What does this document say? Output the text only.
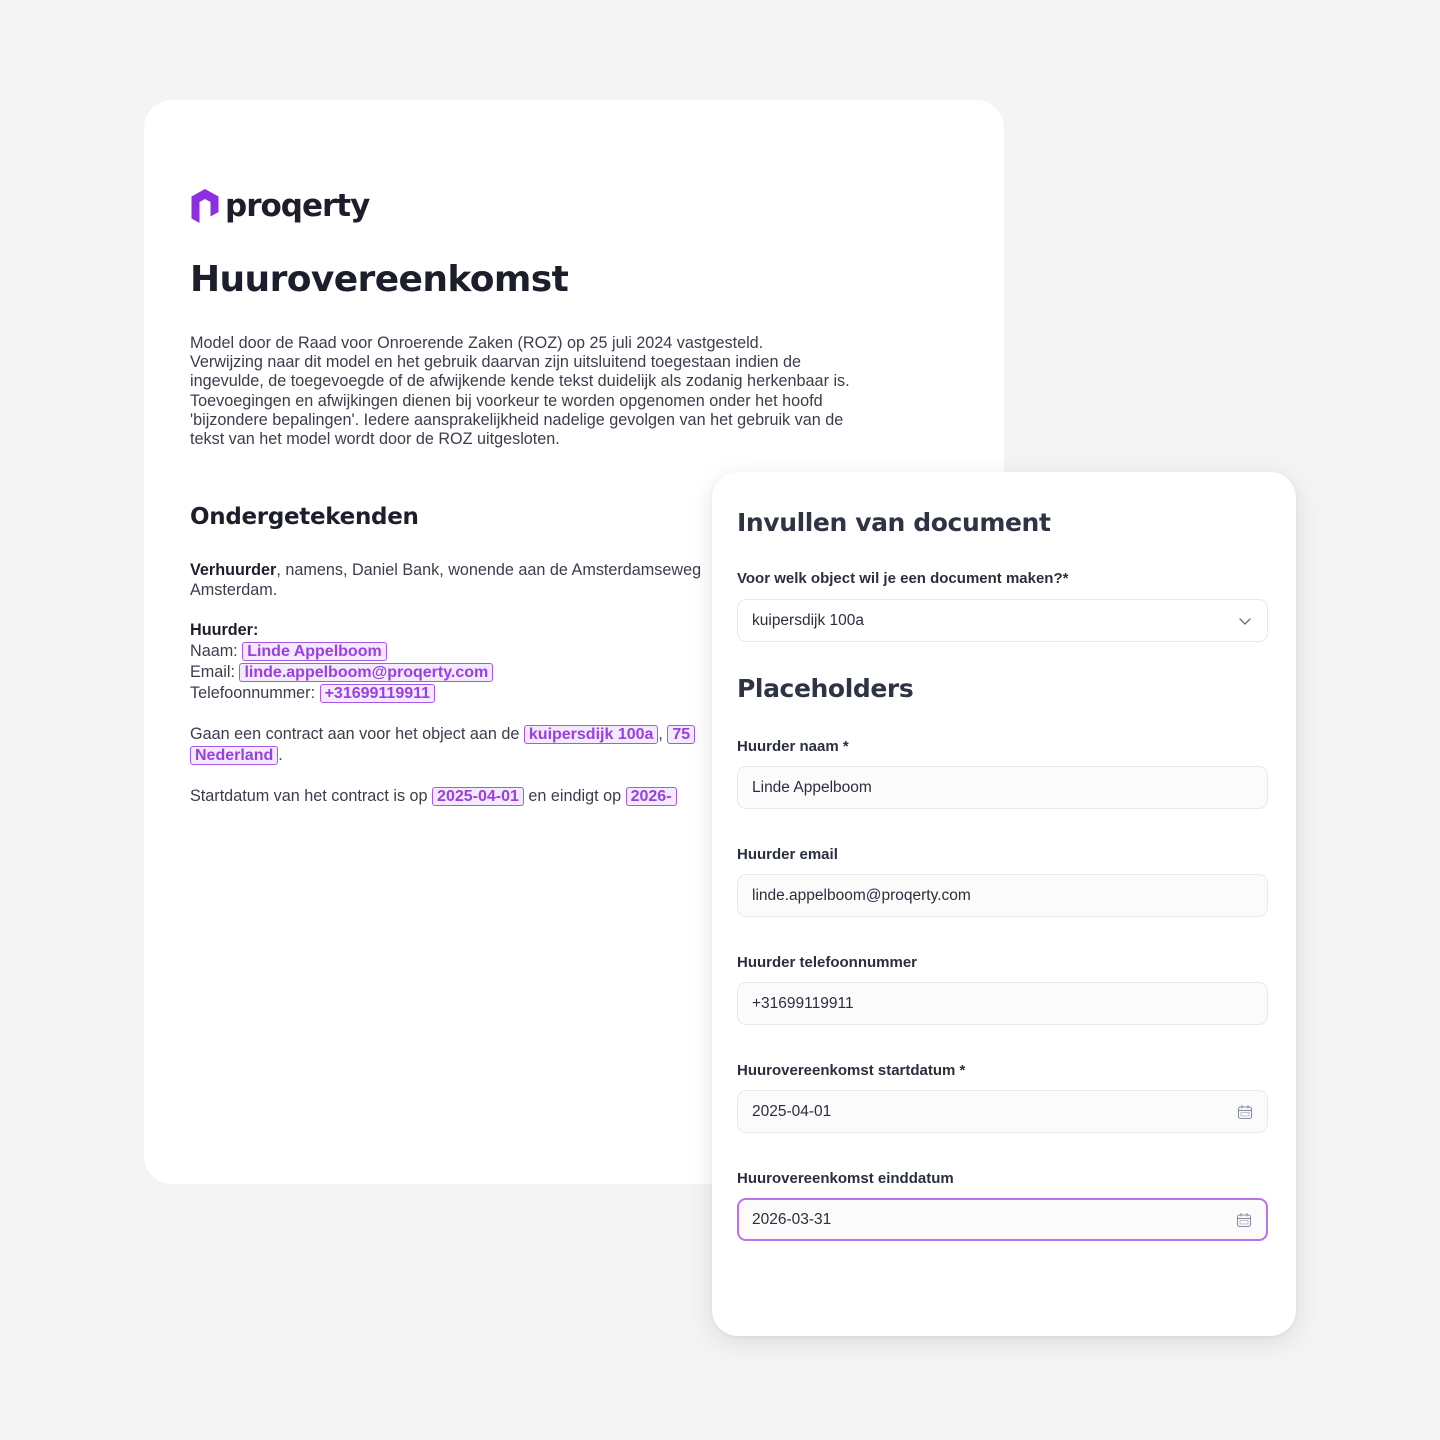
proqerty
Huurovereenkomst
Model door de Raad voor Onroerende Zaken (ROZ) op 25 juli 2024 vastgesteld.
Verwijzing naar dit model en het gebruik daarvan zijn uitsluitend toegestaan indien de
ingevulde, de toegevoegde of de afwijkende kende tekst duidelijk als zodanig herkenbaar is.
Toevoegingen en afwijkingen dienen bij voorkeur te worden opgenomen onder het hoofd
'bijzondere bepalingen'. Iedere aansprakelijkheid nadelige gevolgen van het gebruik van de
tekst van het model wordt door de ROZ uitgesloten.
Ondergetekenden
Verhuurder, namens, Daniel Bank, wonende aan de Amsterdamseweg
Amsterdam.
Huurder:
Naam: Linde Appelboom
Email: linde.appelboom@proqerty.com
Telefoonnummer: +31699119911
Gaan een contract aan voor het object aan de kuipersdijk 100a , 75
Nederland .
Startdatum van het contract is op 2025-04-01 en eindigt op 2026-
Invullen van document
Voor welk object wil je een document maken?*
kuipersdijk 100a
Placeholders
Huurder naam *
Linde Appelboom
Huurder email
linde.appelboom@proqerty.com
Huurder telefoonnummer
+31699119911
Huurovereenkomst startdatum *
2025-04-01
Huurovereenkomst einddatum
2026-03-31
